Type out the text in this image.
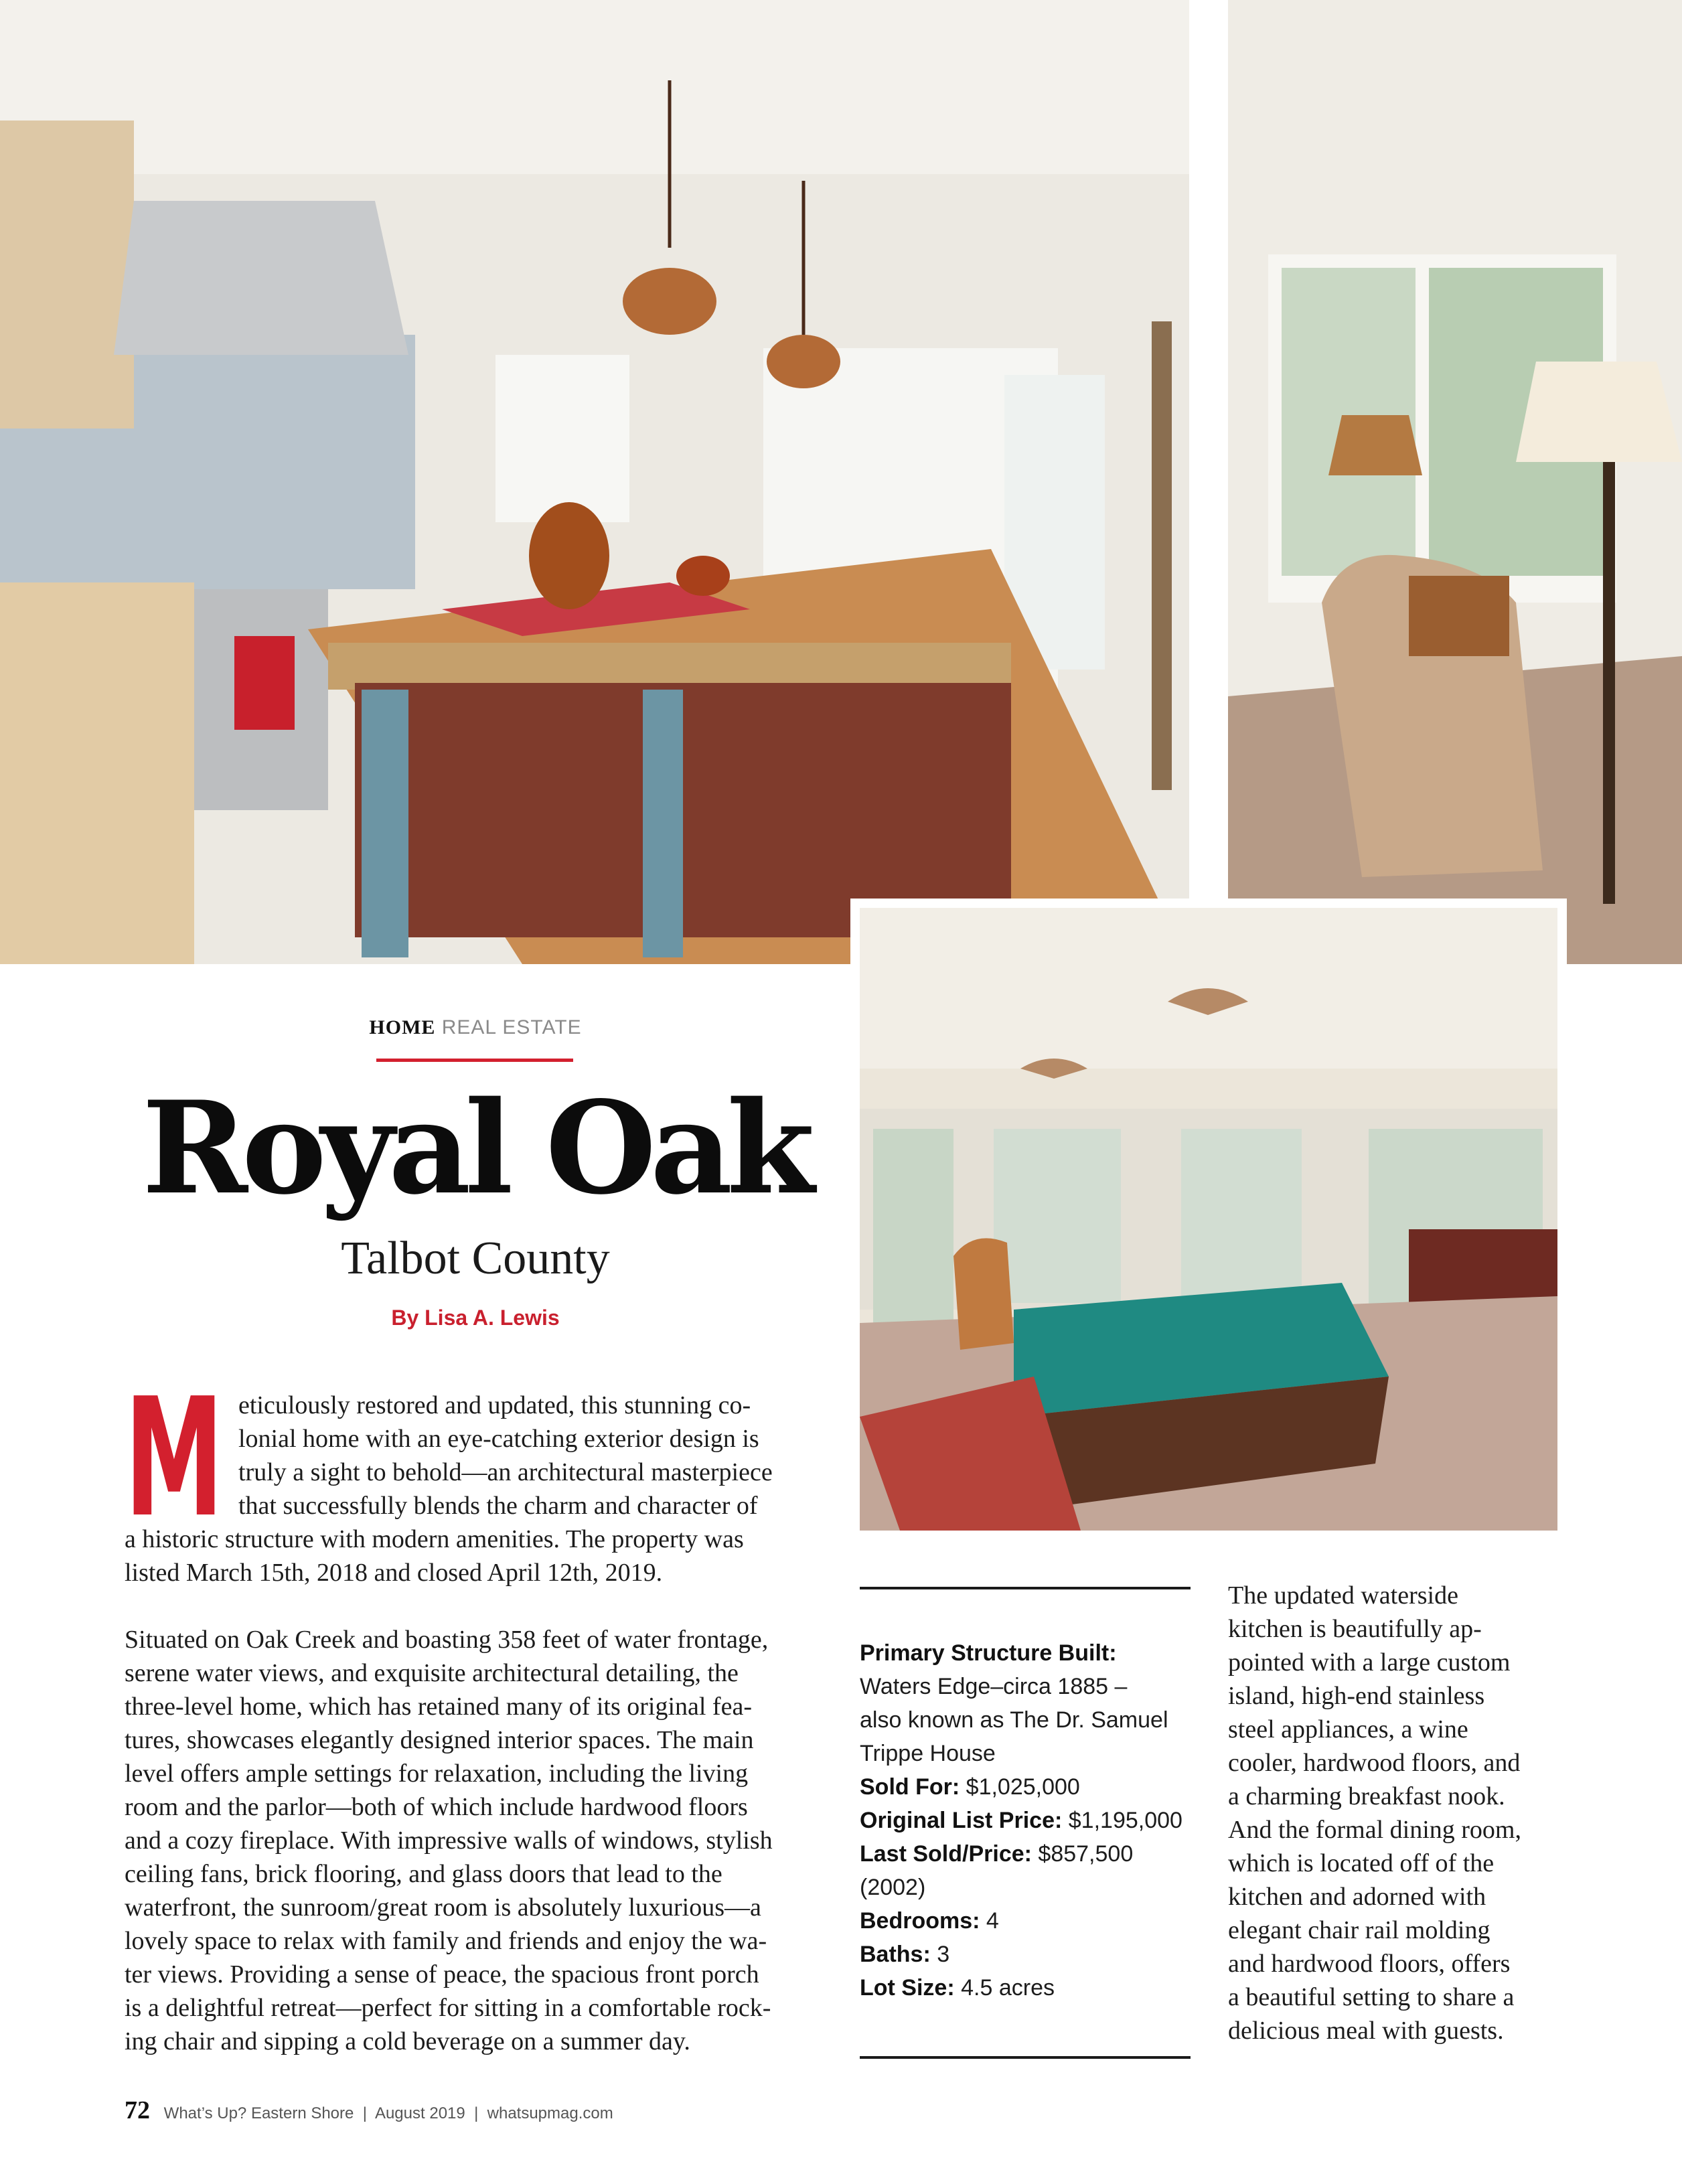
HOME REAL ESTATE
Royal Oak
Talbot County
By Lisa A. Lewis
M eticulously restored and updated, this stunning co-
lonial home with an eye-catching exterior design is
truly a sight to behold—an architectural masterpiece
that successfully blends the charm and character of
a historic structure with modern amenities. The property was
listed March 15th, 2018 and closed April 12th, 2019.

Situated on Oak Creek and boasting 358 feet of water frontage,
serene water views, and exquisite architectural detailing, the
three-level home, which has retained many of its original fea-
tures, showcases elegantly designed interior spaces. The main
level offers ample settings for relaxation, including the living
room and the parlor—both of which include hardwood floors
and a cozy fireplace. With impressive walls of windows, stylish
ceiling fans, brick flooring, and glass doors that lead to the
waterfront, the sunroom/great room is absolutely luxurious—a
lovely space to relax with family and friends and enjoy the wa-
ter views. Providing a sense of peace, the spacious front porch
is a delightful retreat—perfect for sitting in a comfortable rock-
ing chair and sipping a cold beverage on a summer day.

Primary Structure Built:
Waters Edge–circa 1885 –
also known as The Dr. Samuel
Trippe House
Sold For: $1,025,000
Original List Price: $1,195,000
Last Sold/Price: $857,500
(2002)
Bedrooms: 4
Baths: 3
Lot Size: 4.5 acres

The updated waterside
kitchen is beautifully ap-
pointed with a large custom
island, high-end stainless
steel appliances, a wine
cooler, hardwood floors, and
a charming breakfast nook.
And the formal dining room,
which is located off of the
kitchen and adorned with
elegant chair rail molding
and hardwood floors, offers
a beautiful setting to share a
delicious meal with guests.

72 What’s Up? Eastern Shore  |  August 2019  |  whatsupmag.com
